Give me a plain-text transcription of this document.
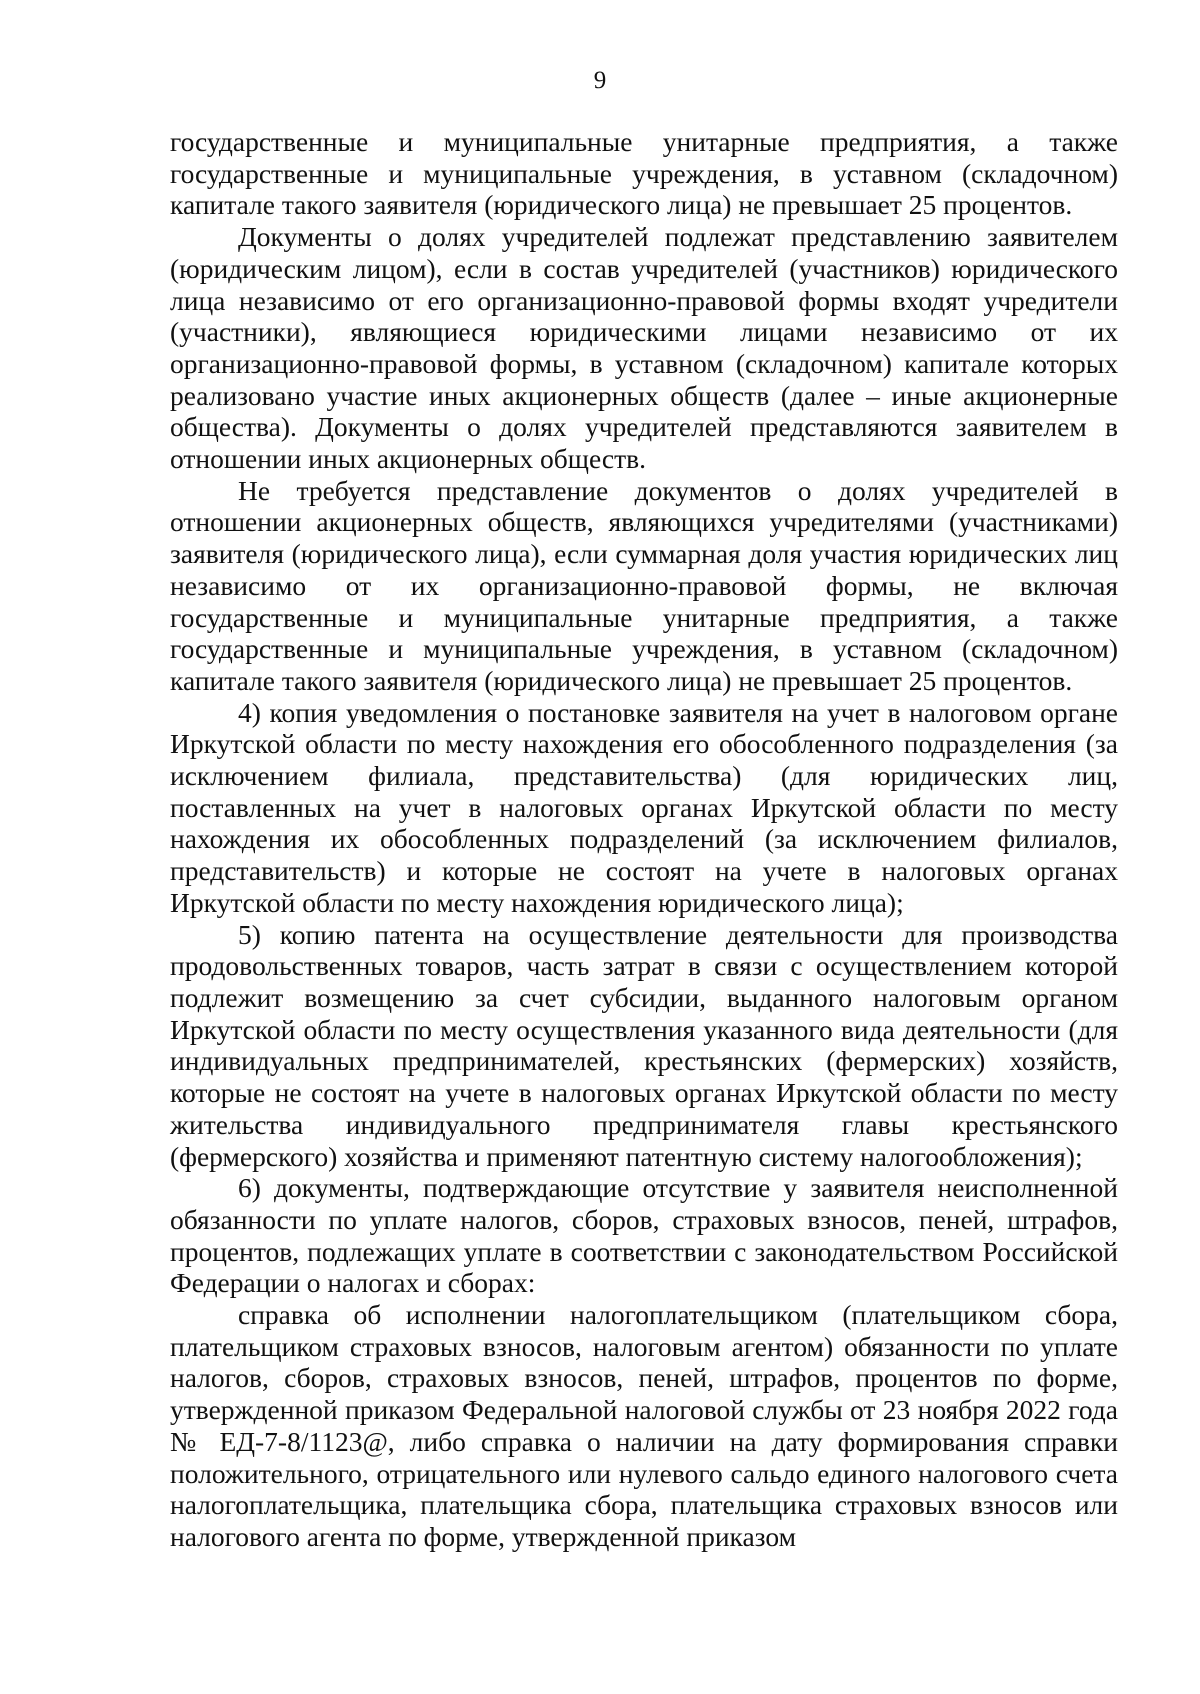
9

государственные и муниципальные унитарные предприятия, а также государственные и муниципальные учреждения, в уставном (складочном) капитале такого заявителя (юридического лица) не превышает 25 процентов.

Документы о долях учредителей подлежат представлению заявителем (юридическим лицом), если в состав учредителей (участников) юридического лица независимо от его организационно-правовой формы входят учредители (участники), являющиеся юридическими лицами независимо от их организационно-правовой формы, в уставном (складочном) капитале которых реализовано участие иных акционерных обществ (далее – иные акционерные общества). Документы о долях учредителей представляются заявителем в отношении иных акционерных обществ.

Не требуется представление документов о долях учредителей в отношении акционерных обществ, являющихся учредителями (участниками) заявителя (юридического лица), если суммарная доля участия юридических лиц независимо от их организационно-правовой формы, не включая государственные и муниципальные унитарные предприятия, а также государственные и муниципальные учреждения, в уставном (складочном) капитале такого заявителя (юридического лица) не превышает 25 процентов.

4) копия уведомления о постановке заявителя на учет в налоговом органе Иркутской области по месту нахождения его обособленного подразделения (за исключением филиала, представительства) (для юридических лиц, поставленных на учет в налоговых органах Иркутской области по месту нахождения их обособленных подразделений (за исключением филиалов, представительств) и которые не состоят на учете в налоговых органах Иркутской области по месту нахождения юридического лица);

5) копию патента на осуществление деятельности для производства продовольственных товаров, часть затрат в связи с осуществлением которой подлежит возмещению за счет субсидии, выданного налоговым органом Иркутской области по месту осуществления указанного вида деятельности (для индивидуальных предпринимателей, крестьянских (фермерских) хозяйств, которые не состоят на учете в налоговых органах Иркутской области по месту жительства индивидуального предпринимателя главы крестьянского (фермерского) хозяйства и применяют патентную систему налогообложения);

6) документы, подтверждающие отсутствие у заявителя неисполненной обязанности по уплате налогов, сборов, страховых взносов, пеней, штрафов, процентов, подлежащих уплате в соответствии с законодательством Российской Федерации о налогах и сборах:

справка об исполнении налогоплательщиком (плательщиком сбора, плательщиком страховых взносов, налоговым агентом) обязанности по уплате налогов, сборов, страховых взносов, пеней, штрафов, процентов по форме, утвержденной приказом Федеральной налоговой службы от 23 ноября 2022 года № ЕД-7-8/1123@, либо справка о наличии на дату формирования справки положительного, отрицательного или нулевого сальдо единого налогового счета налогоплательщика, плательщика сбора, плательщика страховых взносов или налогового агента по форме, утвержденной приказом
